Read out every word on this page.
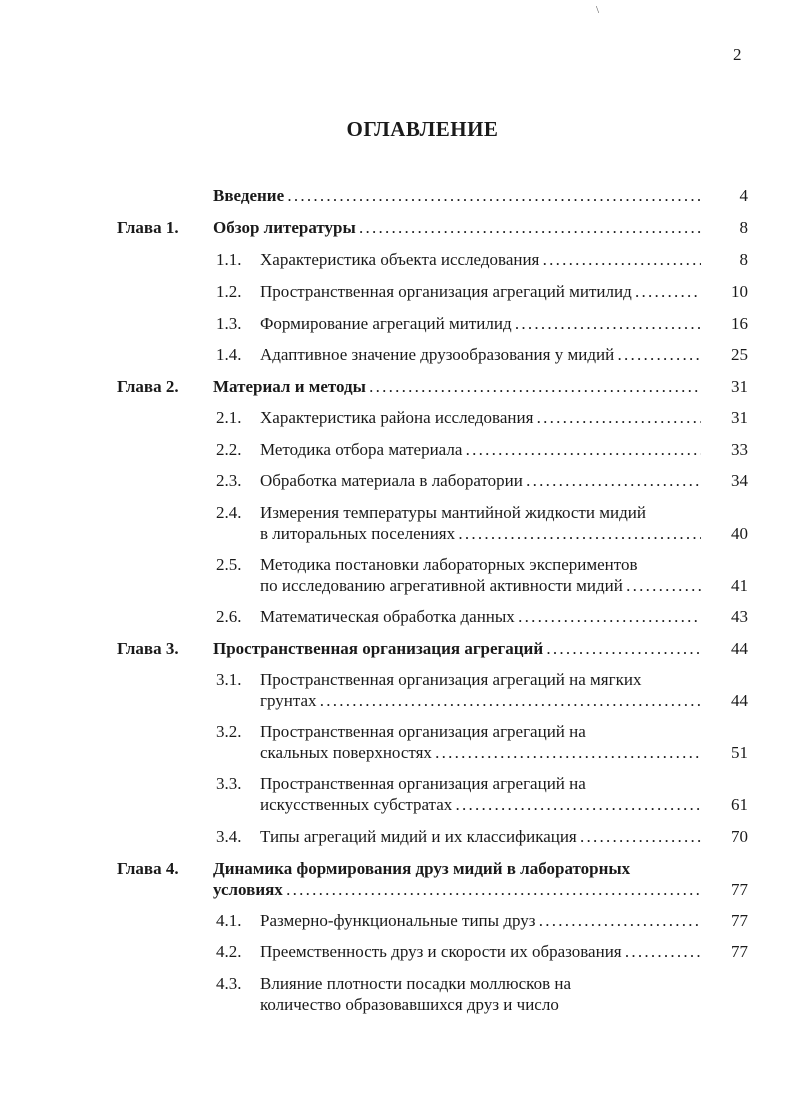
\
2
ОГЛАВЛЕНИЕ
Введение . . .	4
Глава 1. Обзор литературы . . .	8
1.1. Характеристика объекта исследования . . .	8
1.2. Пространственная организация агрегаций митилид . . .	10
1.3. Формирование агрегаций митилид . . .	16
1.4. Адаптивное значение друзообразования у мидий . . .	25
Глава 2. Материал и методы . . .	31
2.1. Характеристика района исследования . . .	31
2.2. Методика отбора материала . . .	33
2.3. Обработка материала в лаборатории . . .	34
2.4. Измерения температуры мантийной жидкости мидий
в литоральных поселениях . . .	40
2.5. Методика постановки лабораторных экспериментов
по исследованию агрегативной активности мидий . . .	41
2.6. Математическая обработка данных . . .	43
Глава 3. Пространственная организация агрегаций . . .	44
3.1. Пространственная организация агрегаций на мягких
грунтах . . .	44
3.2. Пространственная организация агрегаций на
скальных поверхностях . . .	51
3.3. Пространственная организация агрегаций на
искусственных субстратах . . .	61
3.4. Типы агрегаций мидий и их классификация . . .	70
Глава 4. Динамика формирования друз мидий в лабораторных
условиях . . .	77
4.1. Размерно-функциональные типы друз . . .	77
4.2. Преемственность друз и скорости их образования . . .	77
4.3. Влияние плотности посадки моллюсков на
количество образовавшихся друз и число
